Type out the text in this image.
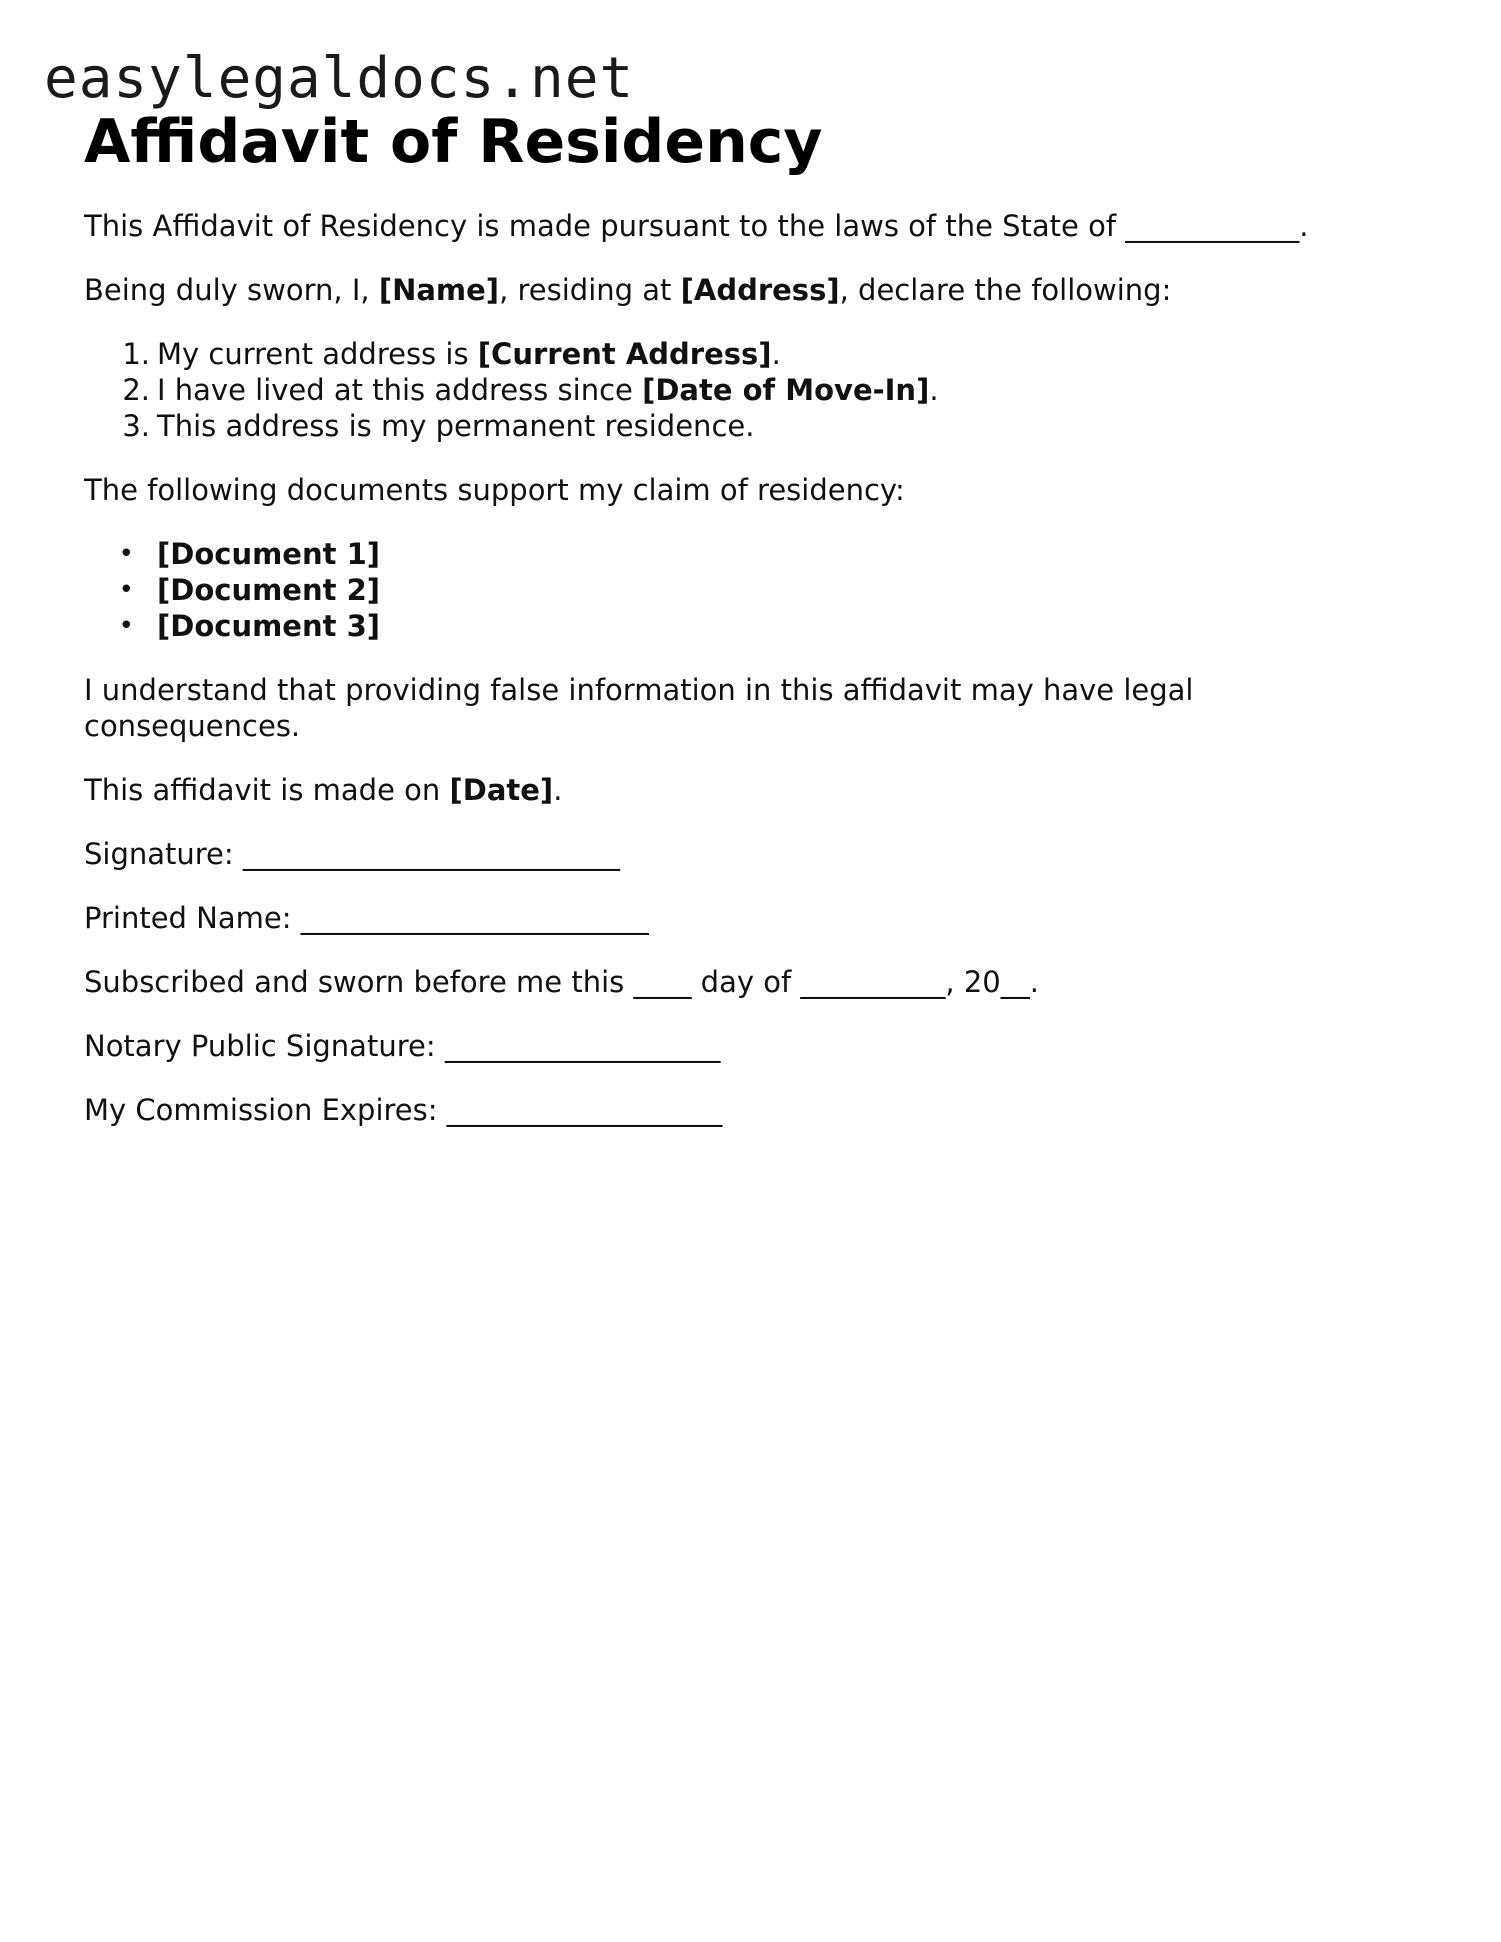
easylegaldocs.net
Affidavit of Residency

This Affidavit of Residency is made pursuant to the laws of the State of ____________.

Being duly sworn, I, [Name], residing at [Address], declare the following:

1. My current address is [Current Address].
2. I have lived at this address since [Date of Move-In].
3. This address is my permanent residence.

The following documents support my claim of residency:

• [Document 1]
• [Document 2]
• [Document 3]

I understand that providing false information in this affidavit may have legal consequences.

This affidavit is made on [Date].

Signature: __________________________

Printed Name: ________________________

Subscribed and sworn before me this ____ day of __________, 20__.

Notary Public Signature: ___________________

My Commission Expires: ___________________
